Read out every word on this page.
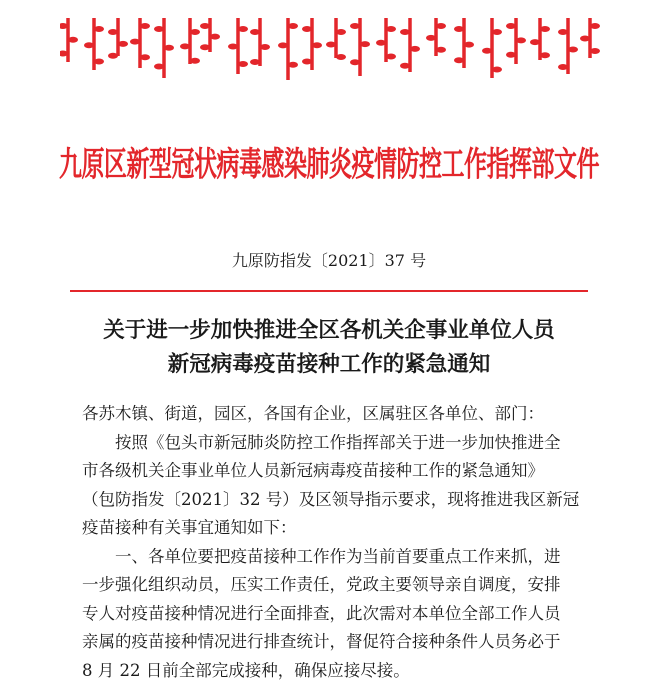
九原区新型冠状病毒感染肺炎疫情防控工作指挥部文件
九原防指发〔2021〕37 号
关于进一步加快推进全区各机关企事业单位人员
新冠病毒疫苗接种工作的紧急通知
各苏木镇、街道，园区，各国有企业，区属驻区各单位、部门：
按照《包头市新冠肺炎防控工作指挥部关于进一步加快推进全
市各级机关企事业单位人员新冠病毒疫苗接种工作的紧急通知》
（包防指发〔2021〕32 号）及区领导指示要求，现将推进我区新冠
疫苗接种有关事宜通知如下：
一、各单位要把疫苗接种工作作为当前首要重点工作来抓，进
一步强化组织动员，压实工作责任，党政主要领导亲自调度，安排
专人对疫苗接种情况进行全面排查，此次需对本单位全部工作人员
亲属的疫苗接种情况进行排查统计，督促符合接种条件人员务必于
8 月 22 日前全部完成接种，确保应接尽接。
